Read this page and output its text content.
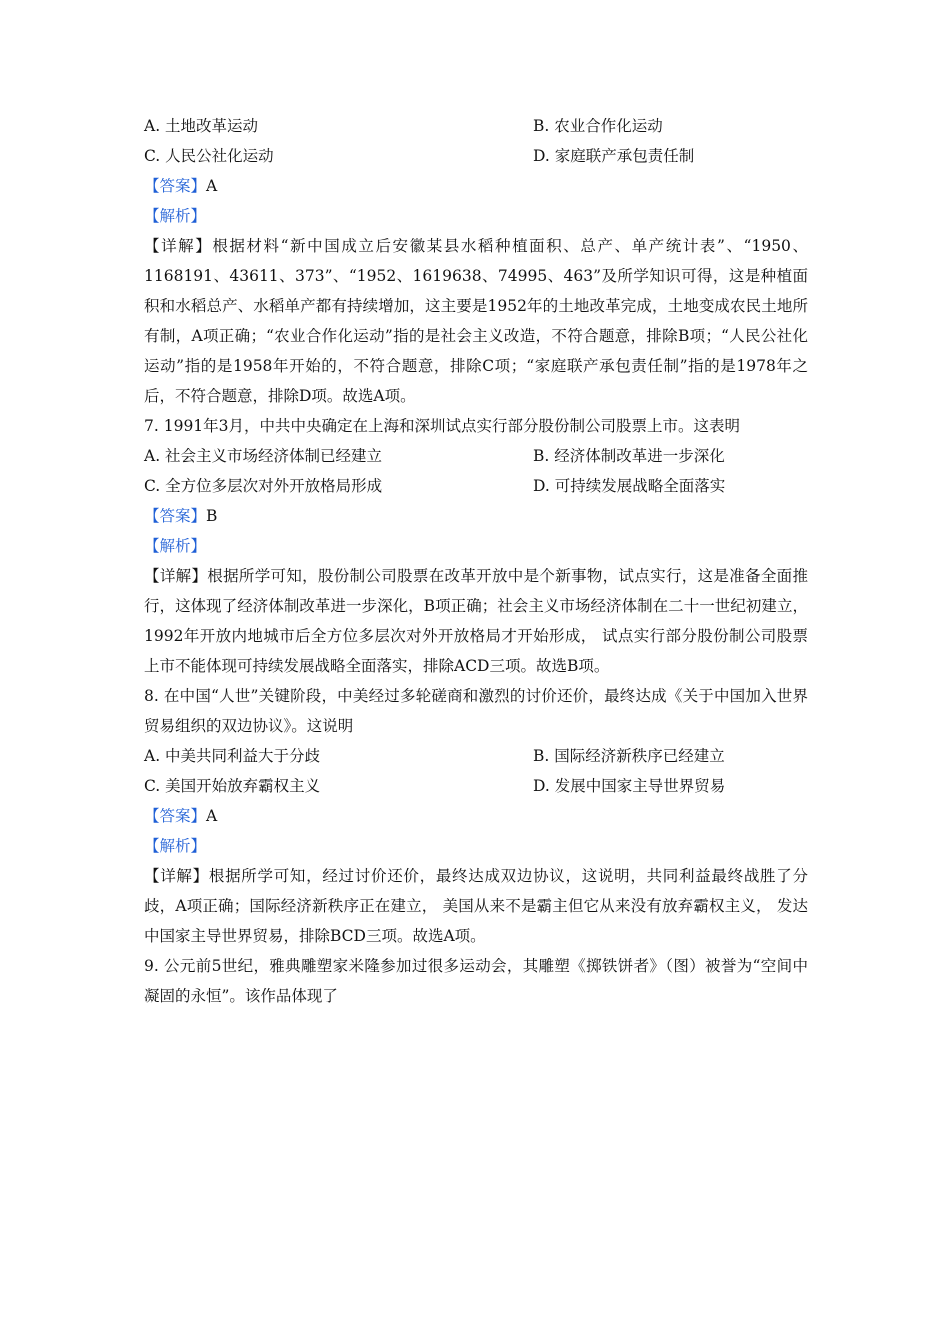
A. 土地改革运动	B. 农业合作化运动
C. 人民公社化运动	D. 家庭联产承包责任制
【答案】A
【解析】
【详解】根据材料“新中国成立后安徽某县水稻种植面积、总产、单产统计表”、“1950、1168191、43611、373”、“1952、1619638、74995、463”及所学知识可得，这是种植面积和水稻总产、水稻单产都有持续增加，这主要是1952年的土地改革完成，土地变成农民土地所有制，A项正确；“农业合作化运动”指的是社会主义改造，不符合题意，排除B项；“人民公社化运动”指的是1958年开始的，不符合题意，排除C项；“家庭联产承包责任制”指的是1978年之后，不符合题意，排除D项。故选A项。
7. 1991年3月，中共中央确定在上海和深圳试点实行部分股份制公司股票上市。这表明
A. 社会主义市场经济体制已经建立	B. 经济体制改革进一步深化
C. 全方位多层次对外开放格局形成	D. 可持续发展战略全面落实
【答案】B
【解析】
【详解】根据所学可知，股份制公司股票在改革开放中是个新事物，试点实行，这是准备全面推行，这体现了经济体制改革进一步深化，B项正确；社会主义市场经济体制在二十一世纪初建立，1992年开放内地城市后全方位多层次对外开放格局才开始形成， 试点实行部分股份制公司股票上市不能体现可持续发展战略全面落实，排除ACD三项。故选B项。
8. 在中国“人世”关键阶段，中美经过多轮磋商和激烈的讨价还价，最终达成《关于中国加入世界贸易组织的双边协议》。这说明
A. 中美共同利益大于分歧	B. 国际经济新秩序已经建立
C. 美国开始放弃霸权主义	D. 发展中国家主导世界贸易
【答案】A
【解析】
【详解】根据所学可知，经过讨价还价，最终达成双边协议，这说明，共同利益最终战胜了分歧，A项正确；国际经济新秩序正在建立， 美国从来不是霸主但它从来没有放弃霸权主义， 发达中国家主导世界贸易，排除BCD三项。故选A项。
9. 公元前5世纪，雅典雕塑家米隆参加过很多运动会，其雕塑《掷铁饼者》（图）被誉为“空间中凝固的永恒”。该作品体现了
